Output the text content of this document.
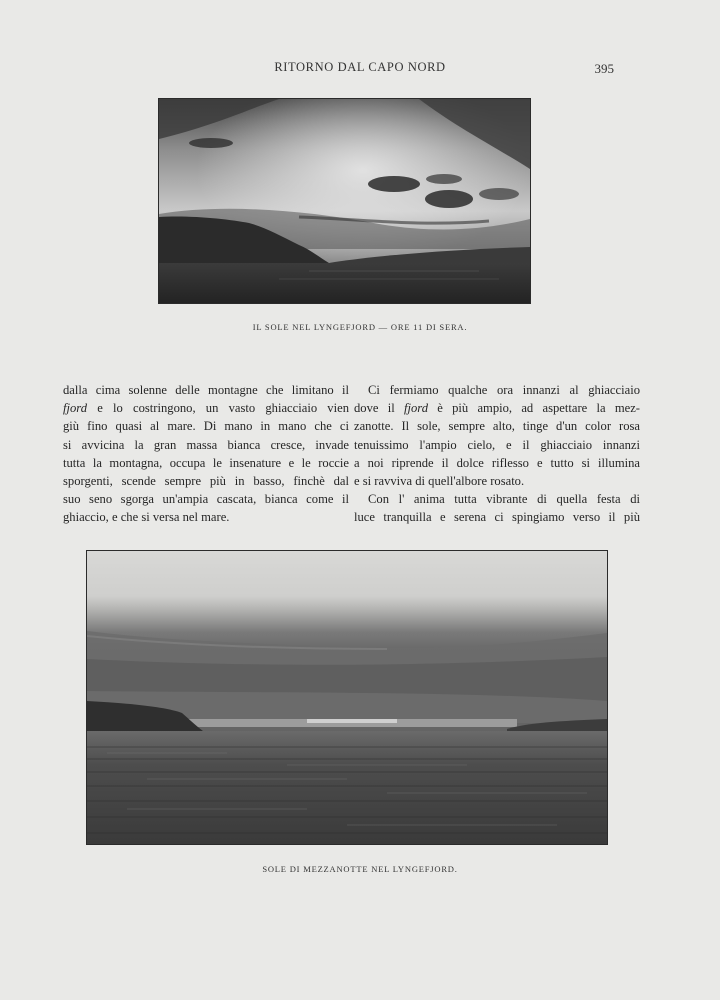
RITORNO DAL CAPO NORD	395
IL SOLE NEL LYNGEFJORD — ORE 11 DI SERA.
dalla cima solenne delle montagne che limitano il
fjord e lo costringono, un vasto ghiacciaio vien
giù fino quasi al mare. Di mano in mano che ci
si avvicina la gran massa bianca cresce, invade
tutta la montagna, occupa le insenature e le roccie
sporgenti, scende sempre più in basso, finchè dal
suo seno sgorga un'ampia cascata, bianca come il
ghiaccio, e che si versa nel mare.
Ci fermiamo qualche ora innanzi al ghiacciaio
dove il fjord è più ampio, ad aspettare la mez-
zanotte. Il sole, sempre alto, tinge d'un color rosa
tenuissimo l'ampio cielo, e il ghiacciaio innanzi
a noi riprende il dolce riflesso e tutto si illumina
e si ravviva di quell'albore rosato.
Con l' anima tutta vibrante di quella festa di
luce tranquilla e serena ci spingiamo verso il più
SOLE DI MEZZANOTTE NEL LYNGEFJORD.
